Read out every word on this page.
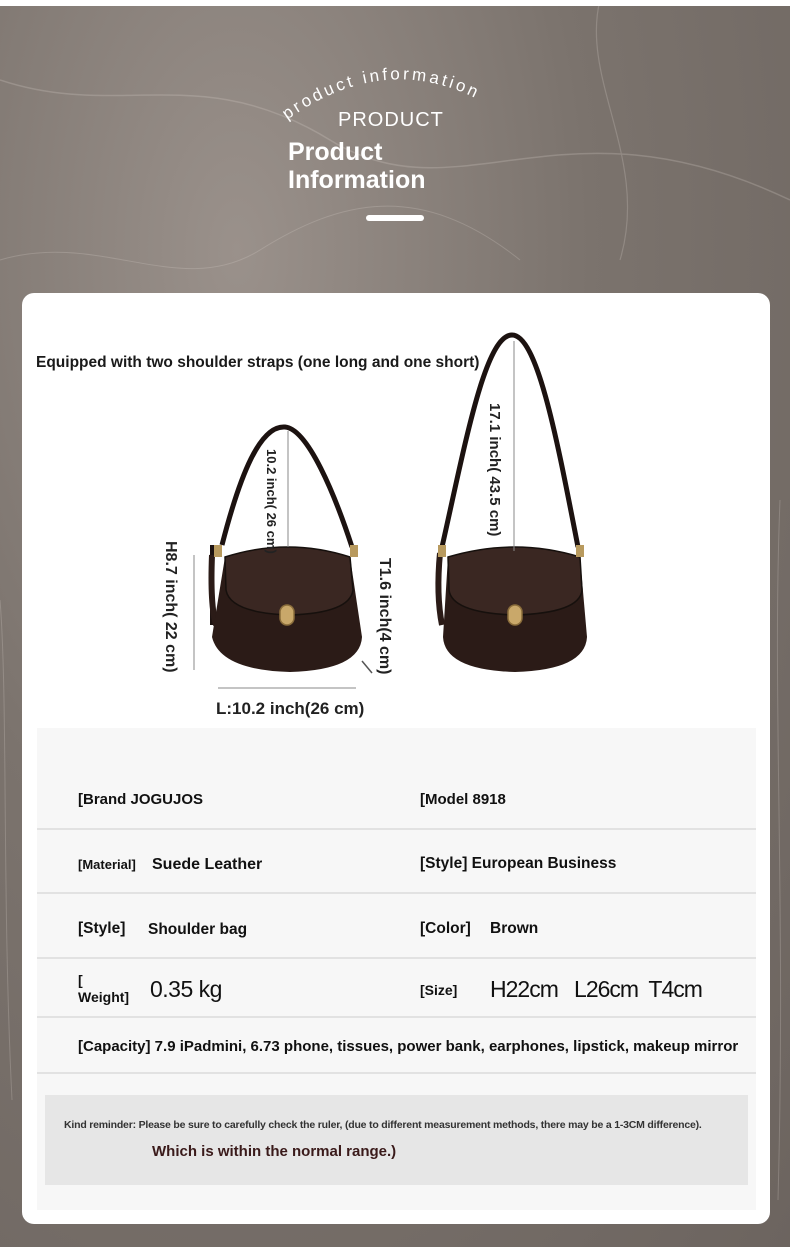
product information
PRODUCT
Product
Information
Equipped with two shoulder straps (one long and one short)
10.2 inch( 26 cm)	17.1 inch( 43.5 cm)
H8.7 inch( 22 cm)	T1.6 inch(4 cm)
L:10.2 inch(26 cm)
[Brand JOGUJOS	[Model 8918
[Material] Suede Leather	[Style] European Business
[Style] Shoulder bag	[Color] Brown
[
Weight] 0.35 kg	[Size] H22cm   L26cm  T4cm
[Capacity] 7.9 iPadmini, 6.73 phone, tissues, power bank, earphones, lipstick, makeup mirror
Kind reminder: Please be sure to carefully check the ruler, (due to different measurement methods, there may be a 1-3CM difference).
Which is within the normal range.)
